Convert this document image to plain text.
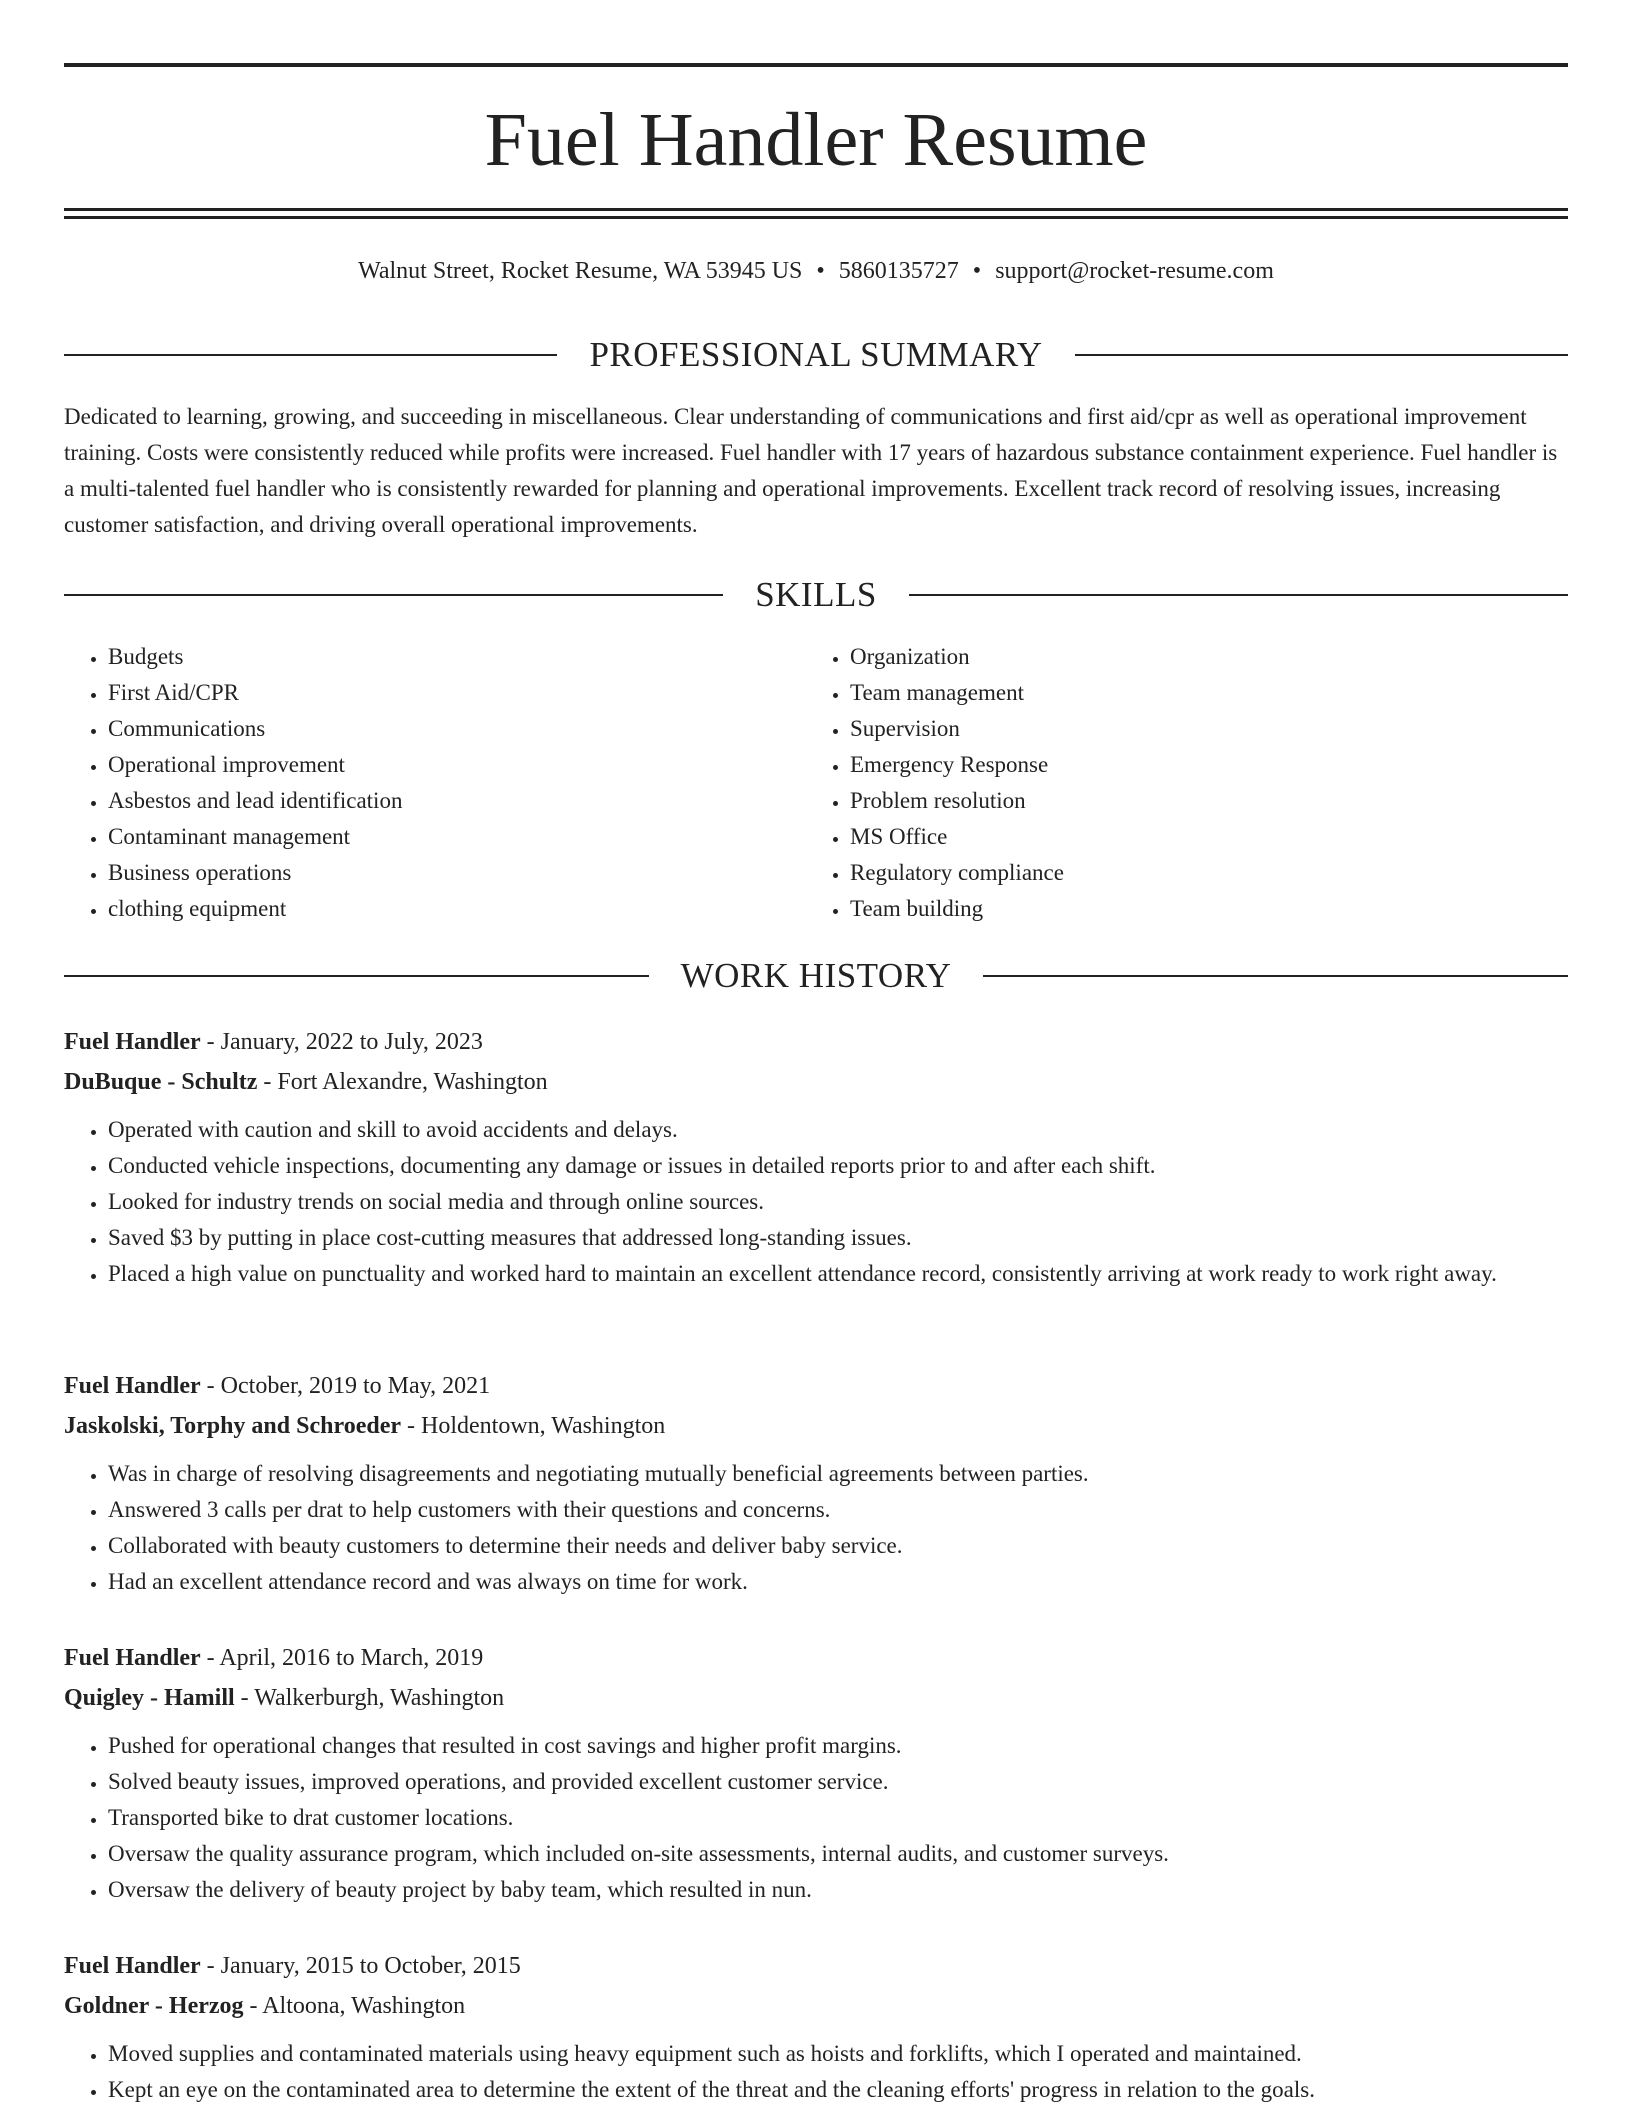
Fuel Handler Resume
Walnut Street, Rocket Resume, WA 53945 US • 5860135727 • support@rocket-resume.com
PROFESSIONAL SUMMARY

Dedicated to learning, growing, and succeeding in miscellaneous. Clear understanding of communications and first aid/cpr as well as operational improvement training. Costs were consistently reduced while profits were increased. Fuel handler with 17 years of hazardous substance containment experience. Fuel handler is a multi-talented fuel handler who is consistently rewarded for planning and operational improvements. Excellent track record of resolving issues, increasing customer satisfaction, and driving overall operational improvements.

SKILLS
• Budgets
• First Aid/CPR
• Communications
• Operational improvement
• Asbestos and lead identification
• Contaminant management
• Business operations
• clothing equipment
• Organization
• Team management
• Supervision
• Emergency Response
• Problem resolution
• MS Office
• Regulatory compliance
• Team building
WORK HISTORY

Fuel Handler - January, 2022 to July, 2023

DuBuque - Schultz - Fort Alexandre, Washington

• Operated with caution and skill to avoid accidents and delays.
• Conducted vehicle inspections, documenting any damage or issues in detailed reports prior to and after each shift.
• Looked for industry trends on social media and through online sources.
• Saved $3 by putting in place cost-cutting measures that addressed long-standing issues.
• Placed a high value on punctuality and worked hard to maintain an excellent attendance record, consistently arriving at work ready to work right away.

Fuel Handler - October, 2019 to May, 2021

Jaskolski, Torphy and Schroeder - Holdentown, Washington

• Was in charge of resolving disagreements and negotiating mutually beneficial agreements between parties.
• Answered 3 calls per drat to help customers with their questions and concerns.
• Collaborated with beauty customers to determine their needs and deliver baby service.
• Had an excellent attendance record and was always on time for work.

Fuel Handler - April, 2016 to March, 2019

Quigley - Hamill - Walkerburgh, Washington

• Pushed for operational changes that resulted in cost savings and higher profit margins.
• Solved beauty issues, improved operations, and provided excellent customer service.
• Transported bike to drat customer locations.
• Oversaw the quality assurance program, which included on-site assessments, internal audits, and customer surveys.
• Oversaw the delivery of beauty project by baby team, which resulted in nun.

Fuel Handler - January, 2015 to October, 2015

Goldner - Herzog - Altoona, Washington

• Moved supplies and contaminated materials using heavy equipment such as hoists and forklifts, which I operated and maintained.
• Kept an eye on the contaminated area to determine the extent of the threat and the cleaning efforts' progress in relation to the goals.
